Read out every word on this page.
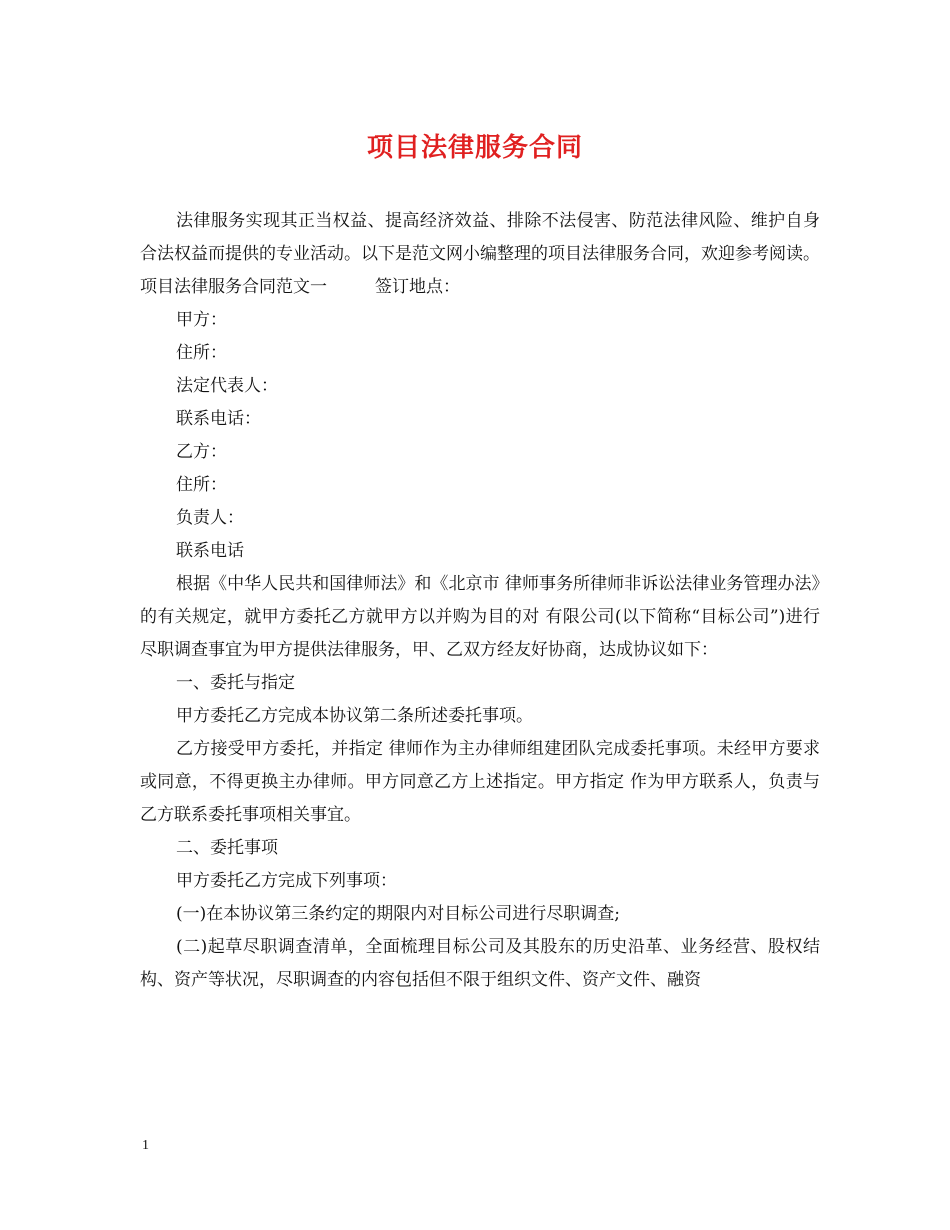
项目法律服务合同

法律服务实现其正当权益、提高经济效益、排除不法侵害、防范法律风险、维护自身合法权益而提供的专业活动。以下是范文网小编整理的项目法律服务合同，欢迎参考阅读。

项目法律服务合同范文一	签订地点：

甲方：

住所：

法定代表人：

联系电话：

乙方：

住所：

负责人：

联系电话

根据《中华人民共和国律师法》和《北京市 律师事务所律师非诉讼法律业务管理办法》的有关规定，就甲方委托乙方就甲方以并购为目的对 有限公司(以下简称“目标公司”)进行尽职调查事宜为甲方提供法律服务，甲、乙双方经友好协商，达成协议如下：

一、委托与指定

甲方委托乙方完成本协议第二条所述委托事项。

乙方接受甲方委托，并指定 律师作为主办律师组建团队完成委托事项。未经甲方要求或同意，不得更换主办律师。甲方同意乙方上述指定。甲方指定 作为甲方联系人，负责与乙方联系委托事项相关事宜。

二、委托事项

甲方委托乙方完成下列事项：

(一)在本协议第三条约定的期限内对目标公司进行尽职调查;

(二)起草尽职调查清单，全面梳理目标公司及其股东的历史沿革、业务经营、股权结构、资产等状况，尽职调查的内容包括但不限于组织文件、资产文件、融资

1
